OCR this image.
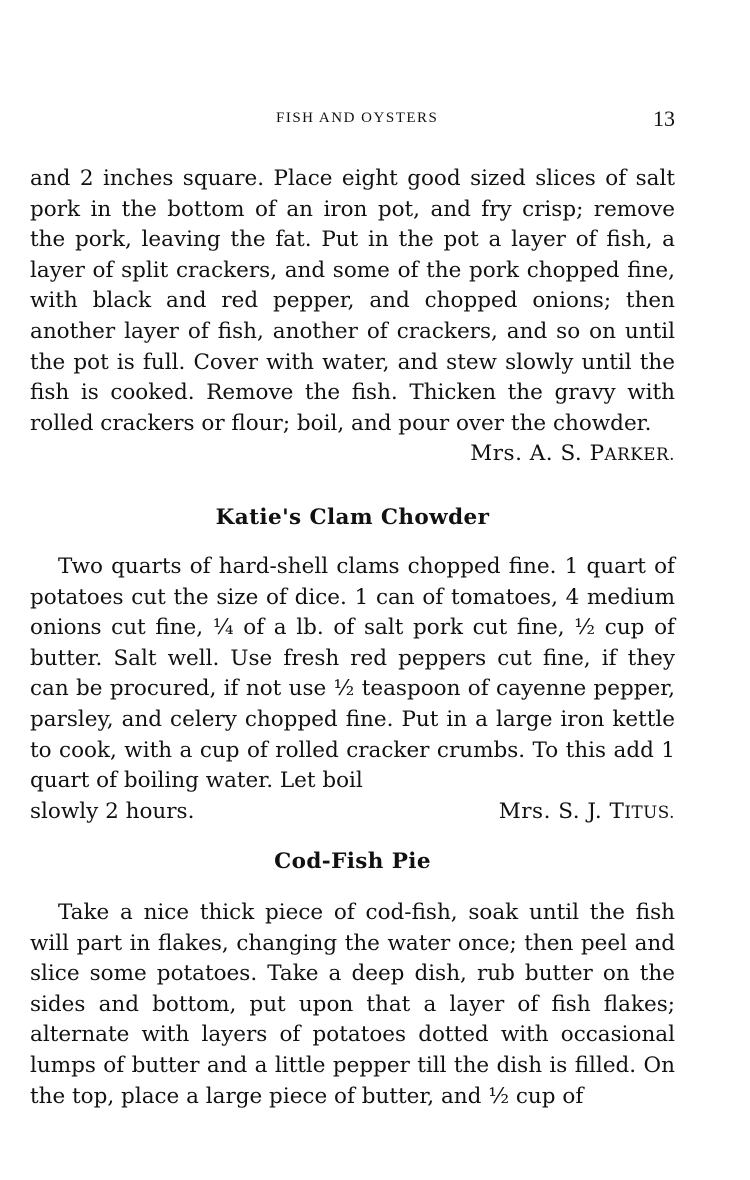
FISH AND OYSTERS	13

and 2 inches square. Place eight good sized slices of salt pork in the bottom of an iron pot, and fry crisp; remove the pork, leaving the fat. Put in the pot a layer of fish, a layer of split crackers, and some of the pork chopped fine, with black and red pepper, and chopped onions; then another layer of fish, another of crackers, and so on until the pot is full. Cover with water, and stew slowly until the fish is cooked. Remove the fish. Thicken the gravy with rolled crackers or flour; boil, and pour over the chowder.

Mrs. A. S. PARKER.

Katie's Clam Chowder

Two quarts of hard-shell clams chopped fine. 1 quart of potatoes cut the size of dice. 1 can of tomatoes, 4 medium onions cut fine, ¼ of a lb. of salt pork cut fine, ½ cup of butter. Salt well. Use fresh red peppers cut fine, if they can be procured, if not use ½ teaspoon of cayenne pepper, parsley, and celery chopped fine. Put in a large iron kettle to cook, with a cup of rolled cracker crumbs. To this add 1 quart of boiling water. Let boil

slowly 2 hours.	Mrs. S. J. TITUS.
Cod-Fish Pie

Take a nice thick piece of cod-fish, soak until the fish will part in flakes, changing the water once; then peel and slice some potatoes. Take a deep dish, rub butter on the sides and bottom, put upon that a layer of fish flakes; alternate with layers of potatoes dotted with occasional lumps of butter and a little pepper till the dish is filled. On the top, place a large piece of butter, and ½ cup of
